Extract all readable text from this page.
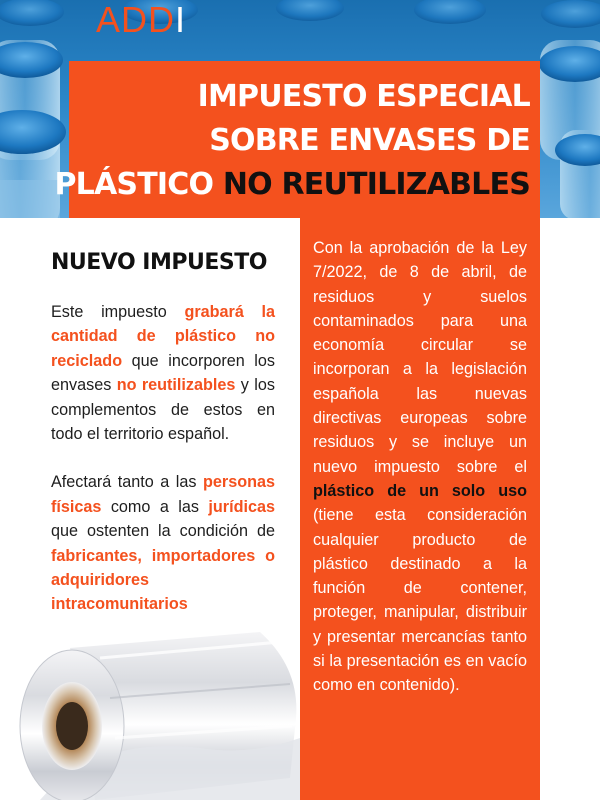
AD D I
IMPUESTO ESPECIAL
SOBRE ENVASES DE
PLÁSTICO NO REUTILIZABLES
NUEVO IMPUESTO

Este impuesto grabará la cantidad de plástico no reciclado que incorporen los envases no reutilizables y los complementos de estos en todo el territorio español.

Afectará tanto a las personas físicas como a las jurídicas que ostenten la condición de fabricantes, importadores o adquiridores intracomunitarios

Con la aprobación de la Ley 7/2022, de 8 de abril, de residuos y suelos contaminados para una economía circular se incorporan a la legislación española las nuevas directivas europeas sobre residuos y se incluye un nuevo impuesto sobre el plástico de un solo uso (tiene esta consideración cualquier producto de plástico destinado a la función de contener, proteger, manipular, distribuir y presentar mercancías tanto si la presentación es en vacío como en contenido).
